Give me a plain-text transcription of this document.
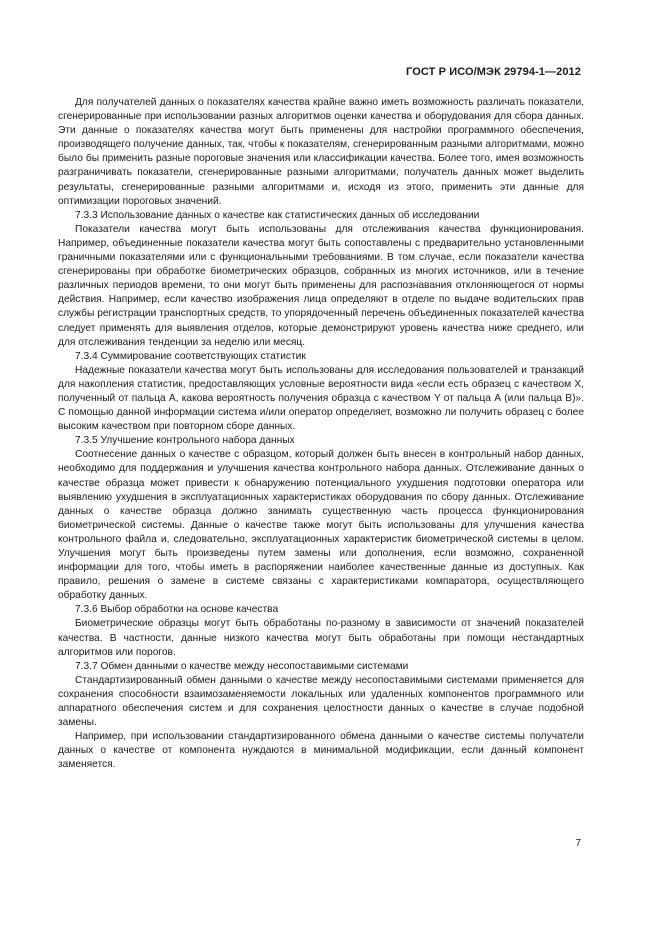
ГОСТ Р ИСО/МЭК 29794-1—2012

Для получателей данных о показателях качества крайне важно иметь возможность различать показатели, сгенерированные при использовании разных алгоритмов оценки качества и оборудования для сбора данных. Эти данные о показателях качества могут быть применены для настройки программного обеспечения, производящего получение данных, так, чтобы к показателям, сгенерированным разными алгоритмами, можно было бы применить разные пороговые значения или классификации качества. Более того, имея возможность разграничивать показатели, сгенерированные разными алгоритмами, получатель данных может выделить результаты, сгенерированные разными алгоритмами и, исходя из этого, применить эти данные для оптимизации пороговых значений.

7.3.3 Использование данных о качестве как статистических данных об исследовании

Показатели качества могут быть использованы для отслеживания качества функционирования. Например, объединенные показатели качества могут быть сопоставлены с предварительно установленными граничными показателями или с функциональными требованиями. В том случае, если показатели качества сгенерированы при обработке биометрических образцов, собранных из многих источников, или в течение различных периодов времени, то они могут быть применены для распознавания отклоняющегося от нормы действия. Например, если качество изображения лица определяют в отделе по выдаче водительских прав службы регистрации транспортных средств, то упорядоченный перечень объединенных показателей качества следует применять для выявления отделов, которые демонстрируют уровень качества ниже среднего, или для отслеживания тенденции за неделю или месяц.

7.3.4 Суммирование соответствующих статистик

Надежные показатели качества могут быть использованы для исследования пользователей и транзакций для накопления статистик, предоставляющих условные вероятности вида «если есть образец с качеством X, полученный от пальца А, какова вероятность получения образца с качеством Y от пальца А (или пальца В)». С помощью данной информации система и/или оператор определяет, возможно ли получить образец с более высоким качеством при повторном сборе данных.

7.3.5 Улучшение контрольного набора данных

Соотнесение данных о качестве с образцом, который должен быть внесен в контрольный набор данных, необходимо для поддержания и улучшения качества контрольного набора данных. Отслеживание данных о качестве образца может привести к обнаружению потенциального ухудшения подготовки оператора или выявлению ухудшения в эксплуатационных характеристиках оборудования по сбору данных. Отслеживание данных о качестве образца должно занимать существенную часть процесса функционирования биометрической системы. Данные о качестве также могут быть использованы для улучшения качества контрольного файла и, следовательно, эксплуатационных характеристик биометрической системы в целом. Улучшения могут быть произведены путем замены или дополнения, если возможно, сохраненной информации для того, чтобы иметь в распоряжении наиболее качественные данные из доступных. Как правило, решения о замене в системе связаны с характеристиками компаратора, осуществляющего обработку данных.

7.3.6 Выбор обработки на основе качества

Биометрические образцы могут быть обработаны по-разному в зависимости от значений показателей качества. В частности, данные низкого качества могут быть обработаны при помощи нестандартных алгоритмов или порогов.

7.3.7 Обмен данными о качестве между несопоставимыми системами

Стандартизированный обмен данными о качестве между несопоставимыми системами применяется для сохранения способности взаимозаменяемости локальных или удаленных компонентов программного или аппаратного обеспечения систем и для сохранения целостности данных о качестве в случае подобной замены.

Например, при использовании стандартизированного обмена данными о качестве системы получатели данных о качестве от компонента нуждаются в минимальной модификации, если данный компонент заменяется.

7
